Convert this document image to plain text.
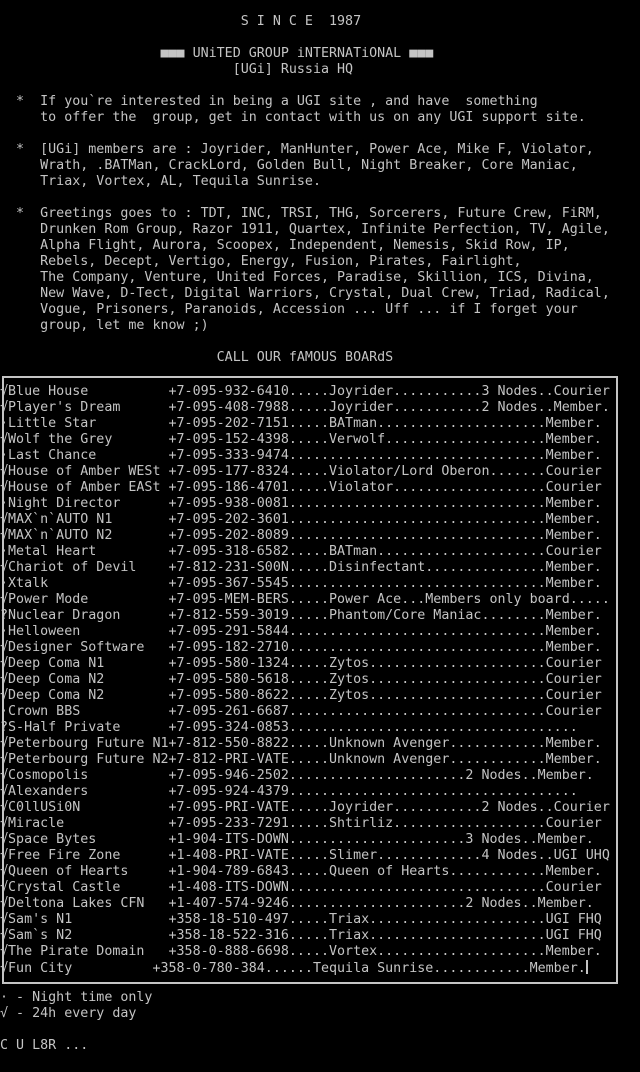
S I N C E  1987
■■■ UNiTED GROUP iNTERNATiONAL ■■■
[UGi] Russia HQ
*  If you`re interested in being a UGI site , and have  something
to offer the  group, get in contact with us on any UGI support site.
*  [UGi] members are : Joyrider, ManHunter, Power Ace, Mike F, Violator,
Wrath, .BATMan, CrackLord, Golden Bull, Night Breaker, Core Maniac,
Triax, Vortex, AL, Tequila Sunrise.
*  Greetings goes to : TDT, INC, TRSI, THG, Sorcerers, Future Crew, FiRM,
Drunken Rom Group, Razor 1911, Quartex, Infinite Perfection, TV, Agile,
Alpha Flight, Aurora, Scoopex, Independent, Nemesis, Skid Row, IP,
Rebels, Decept, Vertigo, Energy, Fusion, Pirates, Fairlight,
The Company, Venture, United Forces, Paradise, Skillion, ICS, Divina,
New Wave, D-Tect, Digital Warriors, Crystal, Dual Crew, Triad, Radical,
Vogue, Prisoners, Paranoids, Accession ... Uff ... if I forget your
group, let me know ;)
CALL OUR fAMOUS BOARdS
√Blue House          +7-095-932-6410.....Joyrider...........3 Nodes..Courier
√Player's Dream      +7-095-408-7988.....Joyrider...........2 Nodes..Member.
·Little Star         +7-095-202-7151.....BATman.....................Member.
√Wolf the Grey       +7-095-152-4398.....Verwolf....................Member.
·Last Chance         +7-095-333-9474................................Member.
√House of Amber WESt +7-095-177-8324.....Violator/Lord Oberon.......Courier
√House of Amber EASt +7-095-186-4701.....Violator...................Courier
·Night Director      +7-095-938-0081................................Member.
√MAX`n`AUTO N1       +7-095-202-3601................................Member.
√MAX`n`AUTO N2       +7-095-202-8089................................Member.
·Metal Heart         +7-095-318-6582.....BATman.....................Courier
√Chariot of Devil    +7-812-231-S00N.....Disinfectant...............Member.
·Xtalk               +7-095-367-5545................................Member.
√Power Mode          +7-095-MEM-BERS.....Power Ace...Members only board.....
?Nuclear Dragon      +7-812-559-3019.....Phantom/Core Maniac........Member.
·Helloween           +7-095-291-5844................................Member.
√Designer Software   +7-095-182-2710................................Member.
√Deep Coma N1        +7-095-580-1324.....Zytos......................Courier
√Deep Coma N2        +7-095-580-5618.....Zytos......................Courier
√Deep Coma N2        +7-095-580-8622.....Zytos......................Courier
·Crown BBS           +7-095-261-6687................................Courier
?S-Half Private      +7-095-324-0853....................................
√Peterbourg Future N1+7-812-550-8822.....Unknown Avenger............Member.
√Peterbourg Future N2+7-812-PRI-VATE.....Unknown Avenger............Member.
√Cosmopolis          +7-095-946-2502......................2 Nodes..Member.
√Alexanders          +7-095-924-4379....................................
√C0llUSi0N           +7-095-PRI-VATE.....Joyrider...........2 Nodes..Courier
√Miracle             +7-095-233-7291.....Shtirliz...................Courier
√Space Bytes         +1-904-ITS-DOWN......................3 Nodes..Member.
√Free Fire Zone      +1-408-PRI-VATE.....Slimer.............4 Nodes..UGI UHQ
√Queen of Hearts     +1-904-789-6843.....Queen of Hearts............Member.
√Crystal Castle      +1-408-ITS-DOWN................................Courier
√Deltona Lakes CFN   +1-407-574-9246......................2 Nodes..Member.
√Sam's N1            +358-18-510-497.....Triax......................UGI FHQ
√Sam`s N2            +358-18-522-316.....Triax......................UGI FHQ
√The Pirate Domain   +358-0-888-6698.....Vortex.....................Member.
√Fun City          +358-0-780-384......Tequila Sunrise............Member.
· - Night time only
√ - 24h every day
C U L8R ...
